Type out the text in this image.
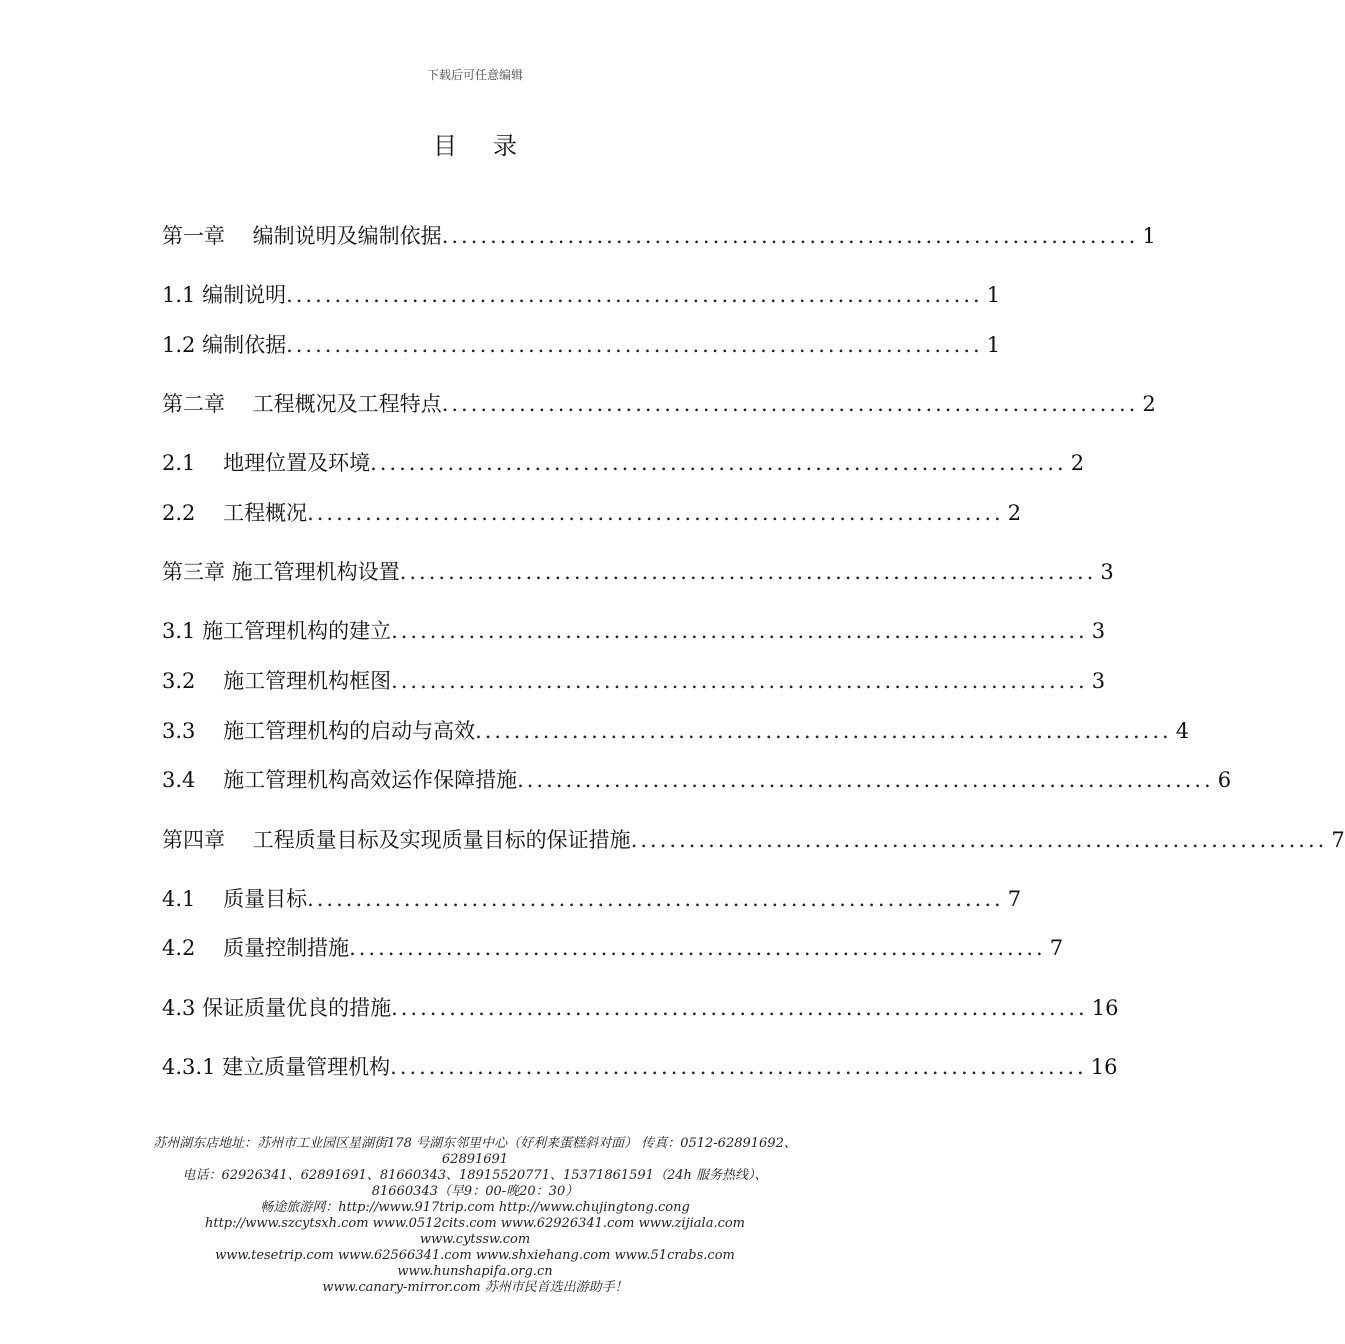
下载后可任意编辑
目录
第一章　 编制说明及编制依据 ........................................................................ 1
1.1 编制说明 ........................................................................ 1
1.2 编制依据 ........................................................................ 1
第二章　 工程概况及工程特点 ........................................................................ 2
2.1　 地理位置及环境 ........................................................................ 2
2.2　 工程概况 ........................................................................ 2
第三章 施工管理机构设置 ........................................................................ 3
3.1 施工管理机构的建立 ........................................................................ 3
3.2　 施工管理机构框图 ........................................................................ 3
3.3　 施工管理机构的启动与高效 ........................................................................ 4
3.4　 施工管理机构高效运作保障措施 ........................................................................ 6
第四章　 工程质量目标及实现质量目标的保证措施 ........................................................................ 7
4.1　 质量目标 ........................................................................ 7
4.2　 质量控制措施 ........................................................................ 7
4.3 保证质量优良的措施 ........................................................................ 16
4.3.1 建立质量管理机构 ........................................................................ 16
苏州湖东店地址：苏州市工业园区星湖街178 号湖东邻里中心（好利来蛋糕斜对面） 传真：0512-62891692、62891691
电话：62926341、62891691、81660343、18915520771、15371861591（24h 服务热线）、81660343（早9：00-晚20：30）
畅途旅游网：http://www.917trip.com http://www.chujingtong.cong
http://www.szcytsxh.com www.0512cits.com www.62926341.com www.zijiala.com www.cytssw.com
www.tesetrip.com www.62566341.com www.shxiehang.com www.51crabs.com www.hunshapifa.org.cn
www.canary-mirror.com 苏州市民首选出游助手！
